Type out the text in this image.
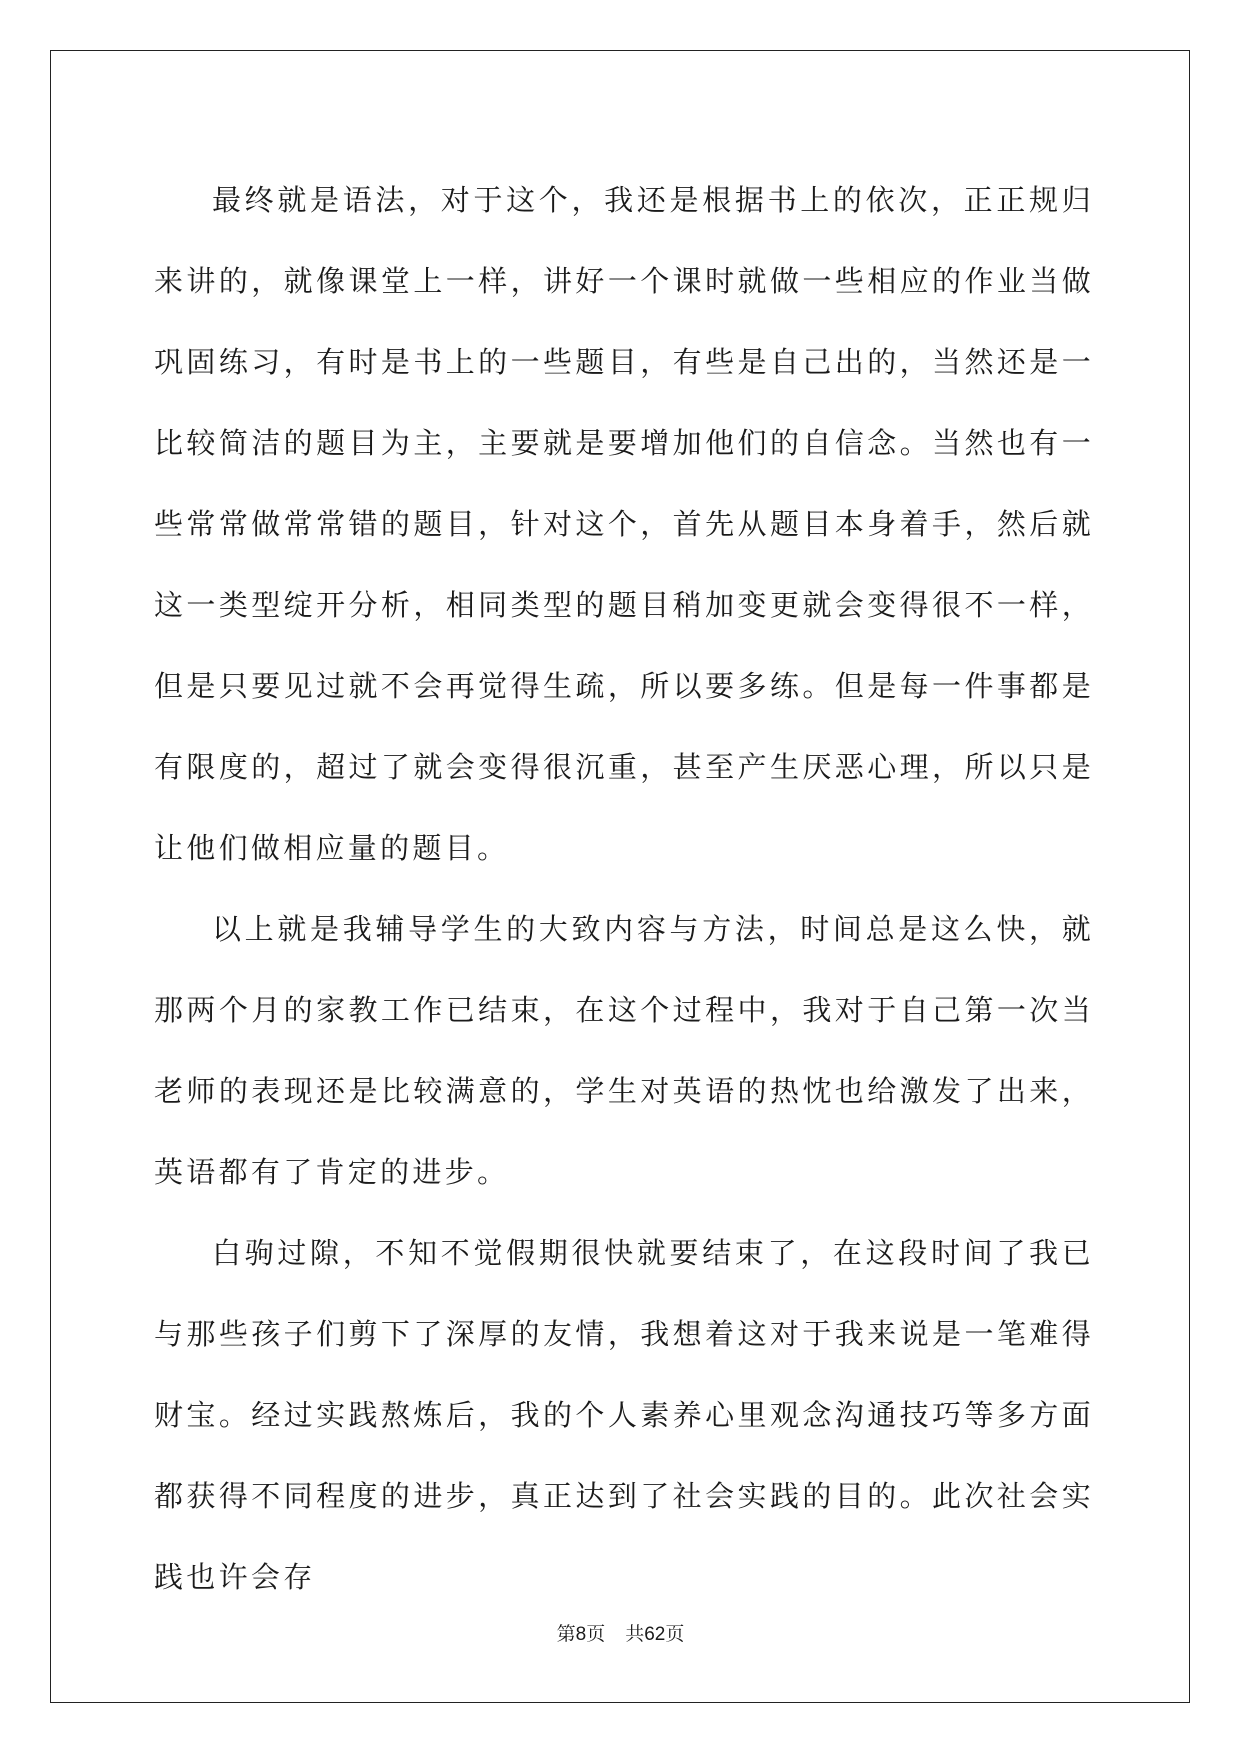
最终就是语法，对于这个，我还是根据书上的依次，正正规归来讲的，就像课堂上一样，讲好一个课时就做一些相应的作业当做巩固练习，有时是书上的一些题目，有些是自己出的，当然还是一比较简洁的题目为主，主要就是要增加他们的自信念。当然也有一些常常做常常错的题目，针对这个，首先从题目本身着手，然后就这一类型绽开分析，相同类型的题目稍加变更就会变得很不一样，但是只要见过就不会再觉得生疏，所以要多练。但是每一件事都是有限度的，超过了就会变得很沉重，甚至产生厌恶心理，所以只是让他们做相应量的题目。

以上就是我辅导学生的大致内容与方法，时间总是这么快，就那两个月的家教工作已结束，在这个过程中，我对于自己第一次当老师的表现还是比较满意的，学生对英语的热忱也给激发了出来，英语都有了肯定的进步。

白驹过隙，不知不觉假期很快就要结束了，在这段时间了我已与那些孩子们剪下了深厚的友情，我想着这对于我来说是一笔难得财宝。经过实践熬炼后，我的个人素养心里观念沟通技巧等多方面都获得不同程度的进步，真正达到了社会实践的目的。此次社会实践也许会存

第8页 共62页
